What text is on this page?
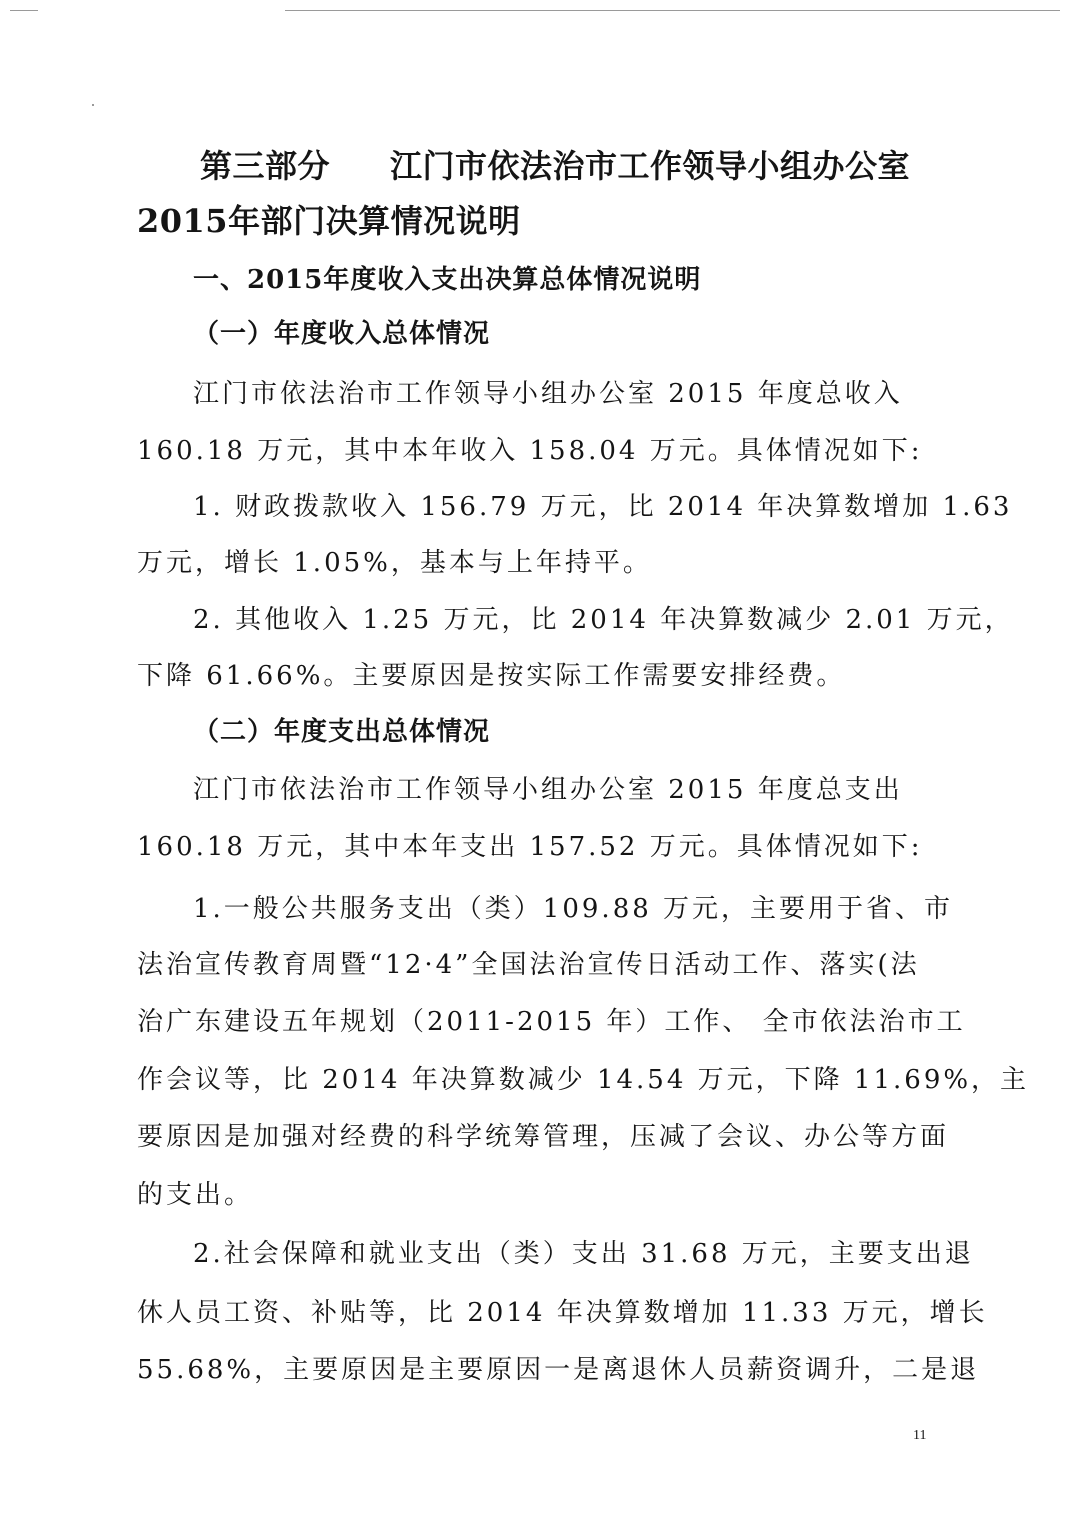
第三部分 江门市依法治市工作领导小组办公室
2015年部门决算情况说明
一、2015年度收入支出决算总体情况说明
（一）年度收入总体情况
江门市依法治市工作领导小组办公室 2015 年度总收入
160.18 万元，其中本年收入 158.04 万元。具体情况如下:
1. 财政拨款收入 156.79 万元，比 2014 年决算数增加 1.63
万元，增长 1.05%，基本与上年持平。
2. 其他收入 1.25 万元，比 2014 年决算数减少 2.01 万元，
下降 61.66%。主要原因是按实际工作需要安排经费。
（二）年度支出总体情况
江门市依法治市工作领导小组办公室 2015 年度总支出
160.18 万元，其中本年支出 157.52 万元。具体情况如下:
1.一般公共服务支出（类）109.88 万元，主要用于省、市
法治宣传教育周暨“12·4”全国法治宣传日活动工作、落实(法
治广东建设五年规划（2011-2015 年）工作、 全市依法治市工
作会议等，比 2014 年决算数减少 14.54 万元，下降 11.69%，主
要原因是加强对经费的科学统筹管理，压减了会议、办公等方面
的支出。
2.社会保障和就业支出（类）支出 31.68 万元，主要支出退
休人员工资、补贴等，比 2014 年决算数增加 11.33 万元，增长
55.68%，主要原因是主要原因一是离退休人员薪资调升，二是退
11
